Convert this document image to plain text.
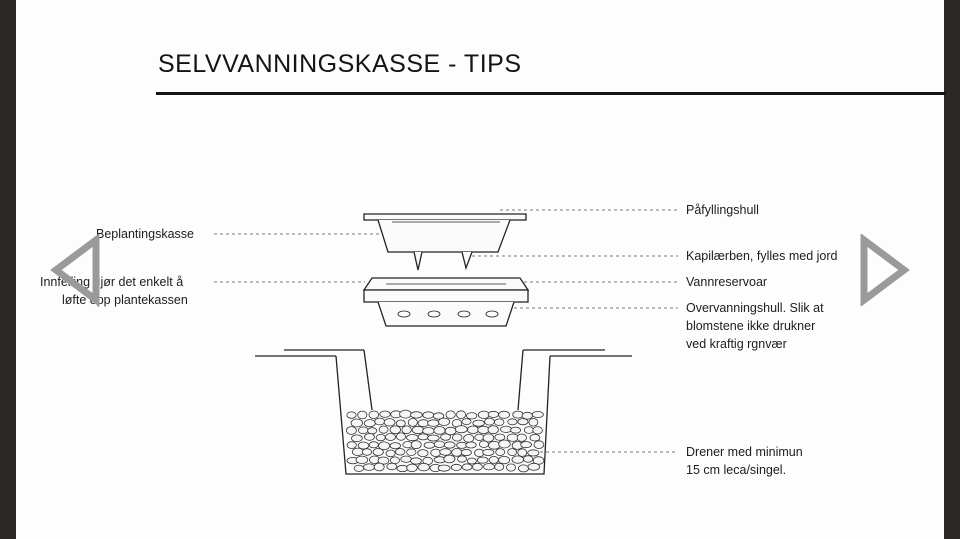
SELVVANNINGSKASSE - TIPS
Beplantingskasse
Innfelling gjør det enkelt å
løfte opp plantekassen
Påfyllingshull
Kapilærben, fylles med jord
Vannreservoar
Overvanningshull. Slik at
blomstene ikke drukner
ved kraftig rgnvær
Drener med minimun
15 cm leca/singel.
